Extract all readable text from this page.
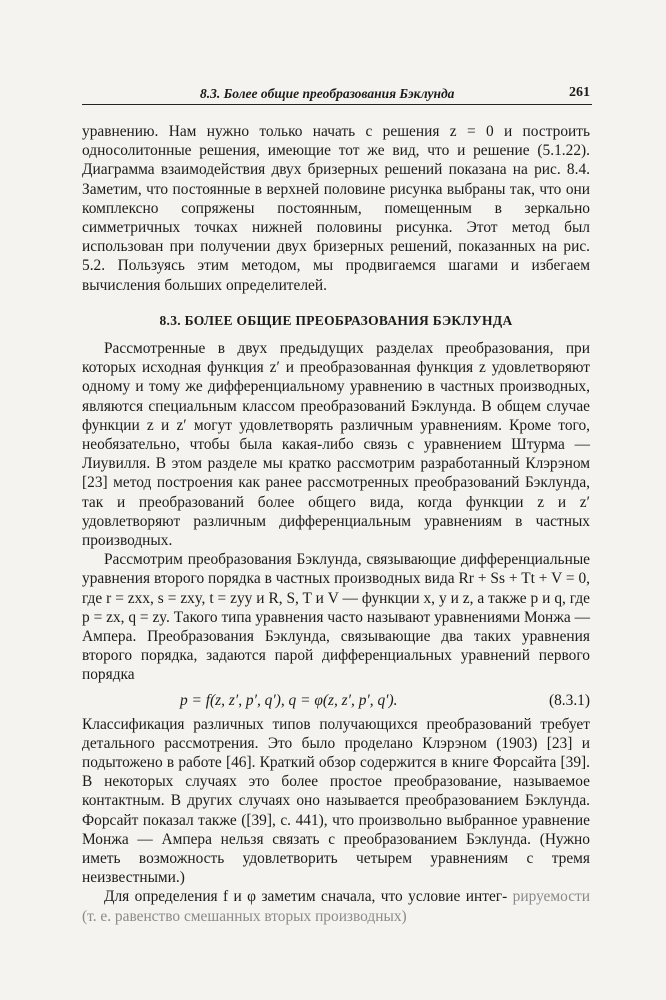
8.3. Более общие преобразования Бэклунда	261

уравнению. Нам нужно только начать с решения z = 0 и построить односолитонные решения, имеющие тот же вид, что и решение (5.1.22). Диаграмма взаимодействия двух бризерных решений показана на рис. 8.4. Заметим, что постоянные в верхней половине рисунка выбраны так, что они комплексно сопряжены постоянным, помещенным в зеркально симметричных точках нижней половины рисунка. Этот метод был использован при получении двух бризерных решений, показанных на рис. 5.2. Пользуясь этим методом, мы продвигаемся шагами и избегаем вычисления больших определителей.

8.3. БОЛЕЕ ОБЩИЕ ПРЕОБРАЗОВАНИЯ БЭКЛУНДА

Рассмотренные в двух предыдущих разделах преобразования, при которых исходная функция z′ и преобразованная функция z удовлетворяют одному и тому же дифференциальному уравнению в частных производных, являются специальным классом преобразований Бэклунда. В общем случае функции z и z′ могут удовлетворять различным уравнениям. Кроме того, необязательно, чтобы была какая-либо связь с уравнением Штурма — Лиувилля. В этом разделе мы кратко рассмотрим разработанный Клэрэном [23] метод построения как ранее рассмотренных преобразований Бэклунда, так и преобразований более общего вида, когда функции z и z′ удовлетворяют различным дифференциальным уравнениям в частных производных.

Рассмотрим преобразования Бэклунда, связывающие дифференциальные уравнения второго порядка в частных производных вида Rr + Ss + Tt + V = 0, где r = zxx, s = zxy, t = zyy и R, S, T и V — функции x, y и z, а также p и q, где p = zx, q = zy. Такого типа уравнения часто называют уравнениями Монжа — Ампера. Преобразования Бэклунда, связывающие два таких уравнения второго порядка, задаются парой дифференциальных уравнений первого порядка

p = f(z, z′, p′, q′), q = φ(z, z′, p′, q′).	(8.3.1)

Классификация различных типов получающихся преобразований требует детального рассмотрения. Это было проделано Клэрэном (1903) [23] и подытожено в работе [46]. Краткий обзор содержится в книге Форсайта [39]. В некоторых случаях это более простое преобразование, называемое контактным. В других случаях оно называется преобразованием Бэклунда. Форсайт показал также ([39], с. 441), что произвольно выбранное уравнение Монжа — Ампера нельзя связать с преобразованием Бэклунда. (Нужно иметь возможность удовлетворить четырем уравнениям с тремя неизвестными.)

Для определения f и φ заметим сначала, что условие интег- рируемости (т. е. равенство смешанных вторых производных)
